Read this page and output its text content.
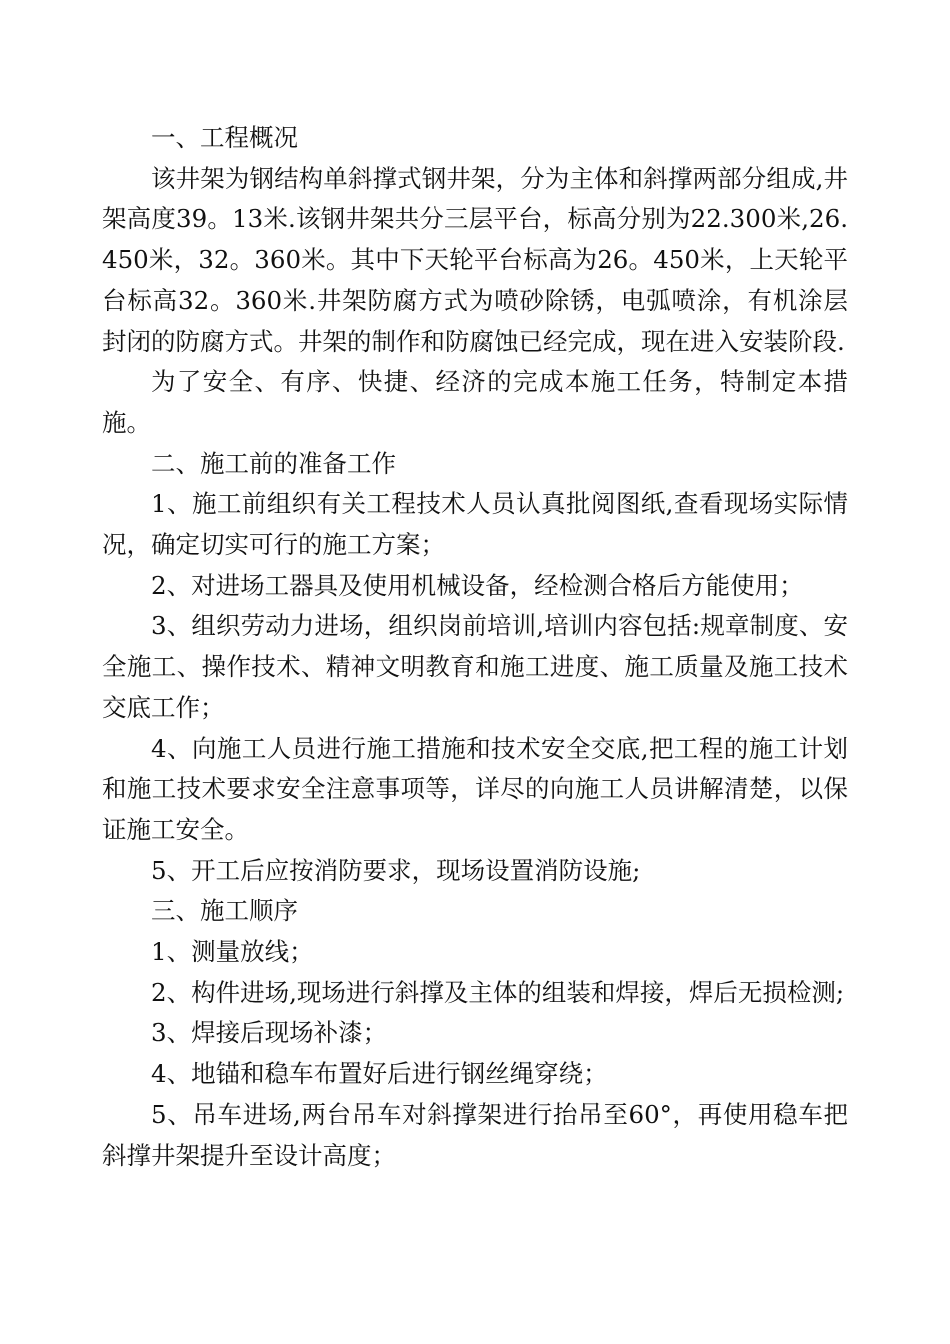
一、工程概况

该井架为钢结构单斜撑式钢井架，分为主体和斜撑两部分组成,井架高度39。13米.该钢井架共分三层平台，标高分别为22.300米,26.450米，32。360米。其中下天轮平台标高为26。450米，上天轮平台标高32。360米.井架防腐方式为喷砂除锈，电弧喷涂，有机涂层封闭的防腐方式。井架的制作和防腐蚀已经完成，现在进入安装阶段.

为了安全、有序、快捷、经济的完成本施工任务，特制定本措施。

二、施工前的准备工作

1、施工前组织有关工程技术人员认真批阅图纸,查看现场实际情况，确定切实可行的施工方案；

2、对进场工器具及使用机械设备，经检测合格后方能使用；

3、组织劳动力进场，组织岗前培训,培训内容包括:规章制度、安全施工、操作技术、精神文明教育和施工进度、施工质量及施工技术交底工作；

4、向施工人员进行施工措施和技术安全交底,把工程的施工计划和施工技术要求安全注意事项等，详尽的向施工人员讲解清楚，以保证施工安全。

5、开工后应按消防要求，现场设置消防设施;

三、施工顺序

1、测量放线；

2、构件进场,现场进行斜撑及主体的组装和焊接，焊后无损检测;

3、焊接后现场补漆；

4、地锚和稳车布置好后进行钢丝绳穿绕；

5、吊车进场,两台吊车对斜撑架进行抬吊至60°，再使用稳车把斜撑井架提升至设计高度；
